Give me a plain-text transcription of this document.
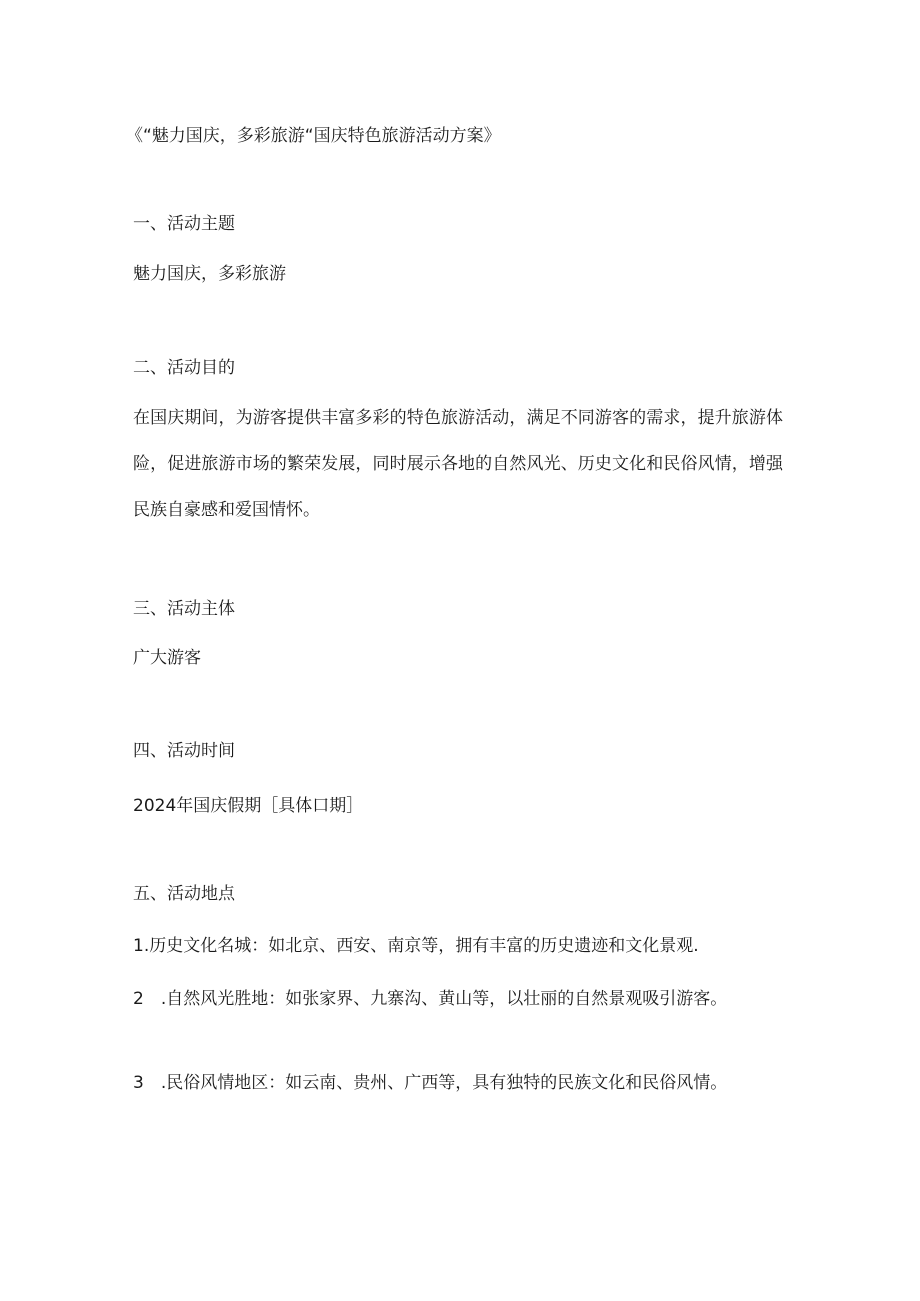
《“魅力国庆，多彩旅游“国庆特色旅游活动方案》
一、活动主题
魅力国庆，多彩旅游
二、活动目的
在国庆期间，为游客提供丰富多彩的特色旅游活动，满足不同游客的需求，提升旅游体险，促进旅游市场的繁荣发展，同时展示各地的自然风光、历史文化和民俗风情，增强民族自豪感和爱国情怀。
三、活动主体
广大游客
四、活动时间
2024年国庆假期［具体口期］
五、活动地点
1.历史文化名城：如北京、西安、南京等，拥有丰富的历史遗迹和文化景观.
2　.自然风光胜地：如张家界、九寨沟、黄山等，以壮丽的自然景观吸引游客。
3　.民俗风情地区：如云南、贵州、广西等，具有独特的民族文化和民俗风情。
